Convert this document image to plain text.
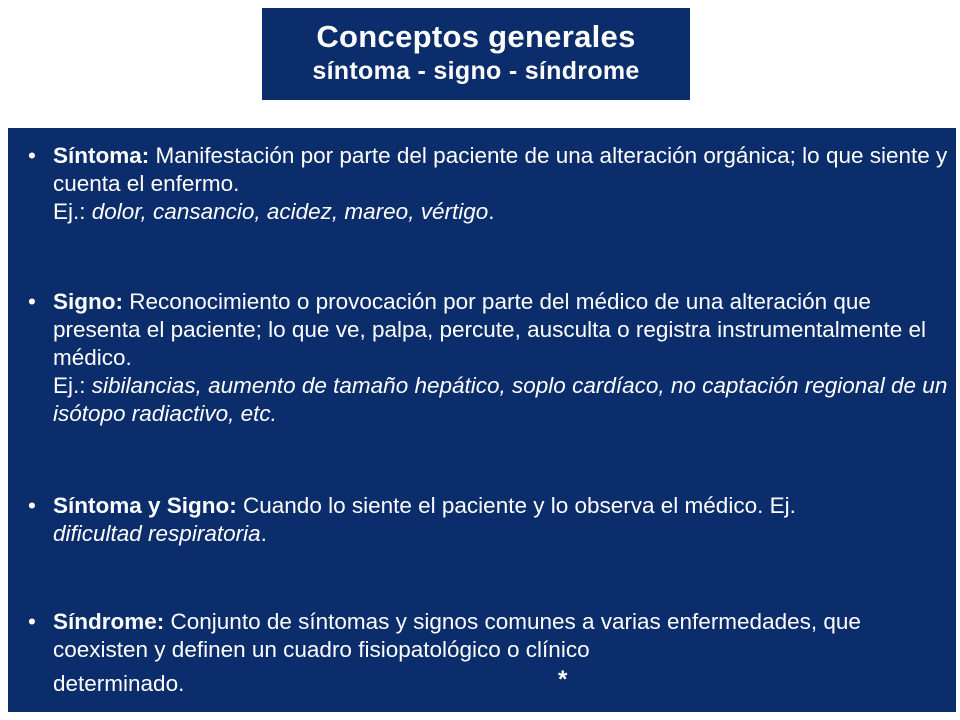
Conceptos generales
síntoma - signo - síndrome
• Síntoma: Manifestación por parte del paciente de una alteración orgánica; lo que siente y cuenta el enfermo.
Ej.: dolor, cansancio, acidez, mareo, vértigo.
• Signo: Reconocimiento o provocación por parte del médico de una alteración que presenta el paciente; lo que ve, palpa, percute, ausculta o registra instrumentalmente el médico.
Ej.: sibilancias, aumento de tamaño hepático, soplo cardíaco, no captación regional de un isótopo radiactivo, etc.
• Síntoma y Signo: Cuando lo siente el paciente y lo observa el médico. Ej.
dificultad respiratoria.
• Síndrome: Conjunto de síntomas y signos comunes a varias enfermedades, que coexisten y definen un cuadro fisiopatológico o clínico
determinado.	*
